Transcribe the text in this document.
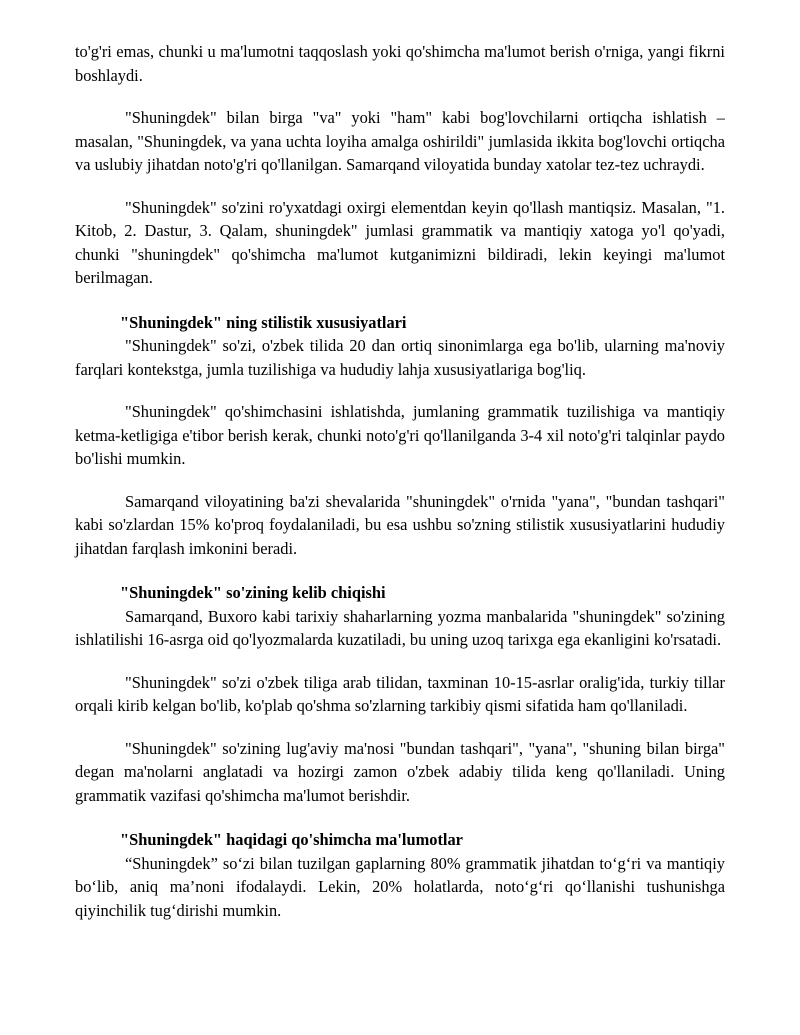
to'g'ri emas, chunki u ma'lumotni taqqoslash yoki qo'shimcha ma'lumot berish o'rniga, yangi fikrni boshlaydi.

"Shuningdek" bilan birga "va" yoki "ham" kabi bog'lovchilarni ortiqcha ishlatish – masalan, "Shuningdek, va yana uchta loyiha amalga oshirildi" jumlasida ikkita bog'lovchi ortiqcha va uslubiy jihatdan noto'g'ri qo'llanilgan. Samarqand viloyatida bunday xatolar tez-tez uchraydi.

"Shuningdek" so'zini ro'yxatdagi oxirgi elementdan keyin qo'llash mantiqsiz. Masalan, "1. Kitob, 2. Dastur, 3. Qalam, shuningdek" jumlasi grammatik va mantiqiy xatoga yo'l qo'yadi, chunki "shuningdek" qo'shimcha ma'lumot kutganimizni bildiradi, lekin keyingi ma'lumot berilmagan.

"Shuningdek" ning stilistik xususiyatlari

"Shuningdek" so'zi, o'zbek tilida 20 dan ortiq sinonimlarga ega bo'lib, ularning ma'noviy farqlari kontekstga, jumla tuzilishiga va hududiy lahja xususiyatlariga bog'liq.

"Shuningdek" qo'shimchasini ishlatishda, jumlaning grammatik tuzilishiga va mantiqiy ketma-ketligiga e'tibor berish kerak, chunki noto'g'ri qo'llanilganda 3-4 xil noto'g'ri talqinlar paydo bo'lishi mumkin.

Samarqand viloyatining ba'zi shevalarida "shuningdek" o'rnida "yana", "bundan tashqari" kabi so'zlardan 15% ko'proq foydalaniladi, bu esa ushbu so'zning stilistik xususiyatlarini hududiy jihatdan farqlash imkonini beradi.

"Shuningdek" so'zining kelib chiqishi

Samarqand, Buxoro kabi tarixiy shaharlarning yozma manbalarida "shuningdek" so'zining ishlatilishi 16-asrga oid qo'lyozmalarda kuzatiladi, bu uning uzoq tarixga ega ekanligini ko'rsatadi.

"Shuningdek" so'zi o'zbek tiliga arab tilidan, taxminan 10-15-asrlar oralig'ida, turkiy tillar orqali kirib kelgan bo'lib, ko'plab qo'shma so'zlarning tarkibiy qismi sifatida ham qo'llaniladi.

"Shuningdek" so'zining lug'aviy ma'nosi "bundan tashqari", "yana", "shuning bilan birga" degan ma'nolarni anglatadi va hozirgi zamon o'zbek adabiy tilida keng qo'llaniladi. Uning grammatik vazifasi qo'shimcha ma'lumot berishdir.

"Shuningdek" haqidagi qo'shimcha ma'lumotlar

“Shuningdek” so‘zi bilan tuzilgan gaplarning 80% grammatik jihatdan to‘g‘ri va mantiqiy bo‘lib, aniq ma’noni ifodalaydi. Lekin, 20% holatlarda, noto‘g‘ri qo‘llanishi tushunishga qiyinchilik tug‘dirishi mumkin.
